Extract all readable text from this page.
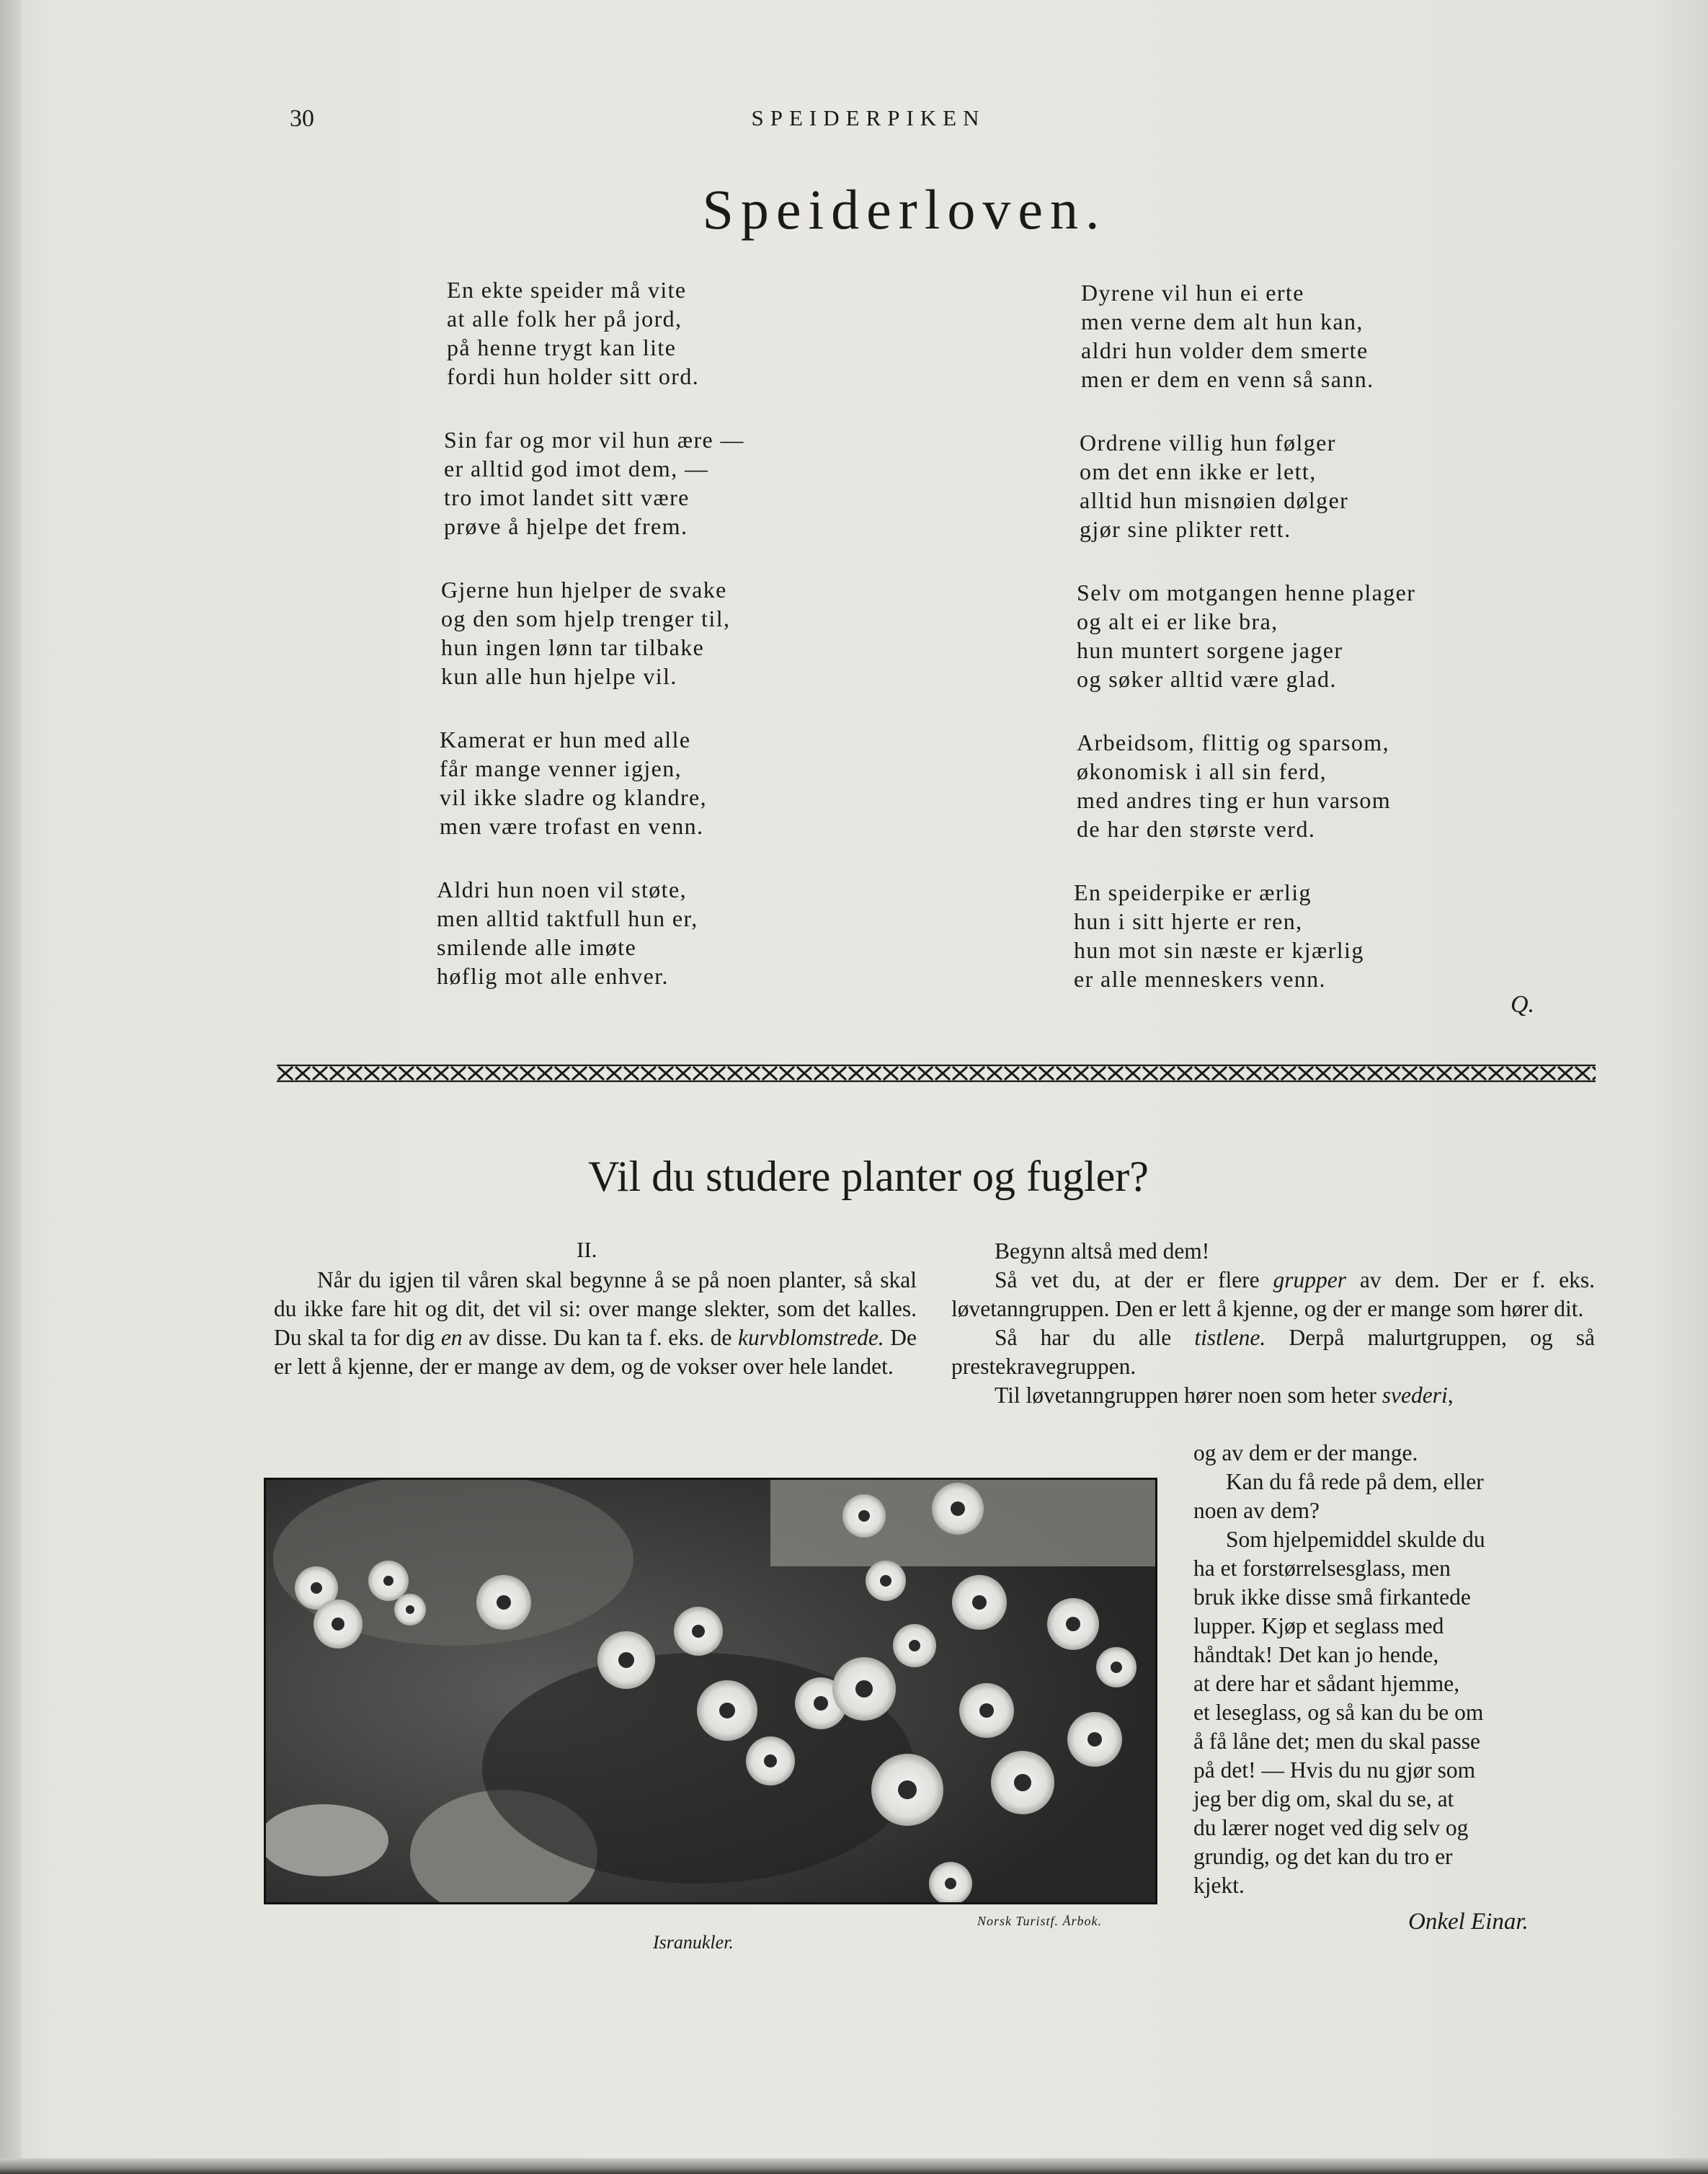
30	SPEIDERPIKEN
Speiderloven.
En ekte speider må vite
at alle folk her på jord,
på henne trygt kan lite
fordi hun holder sitt ord.
Sin far og mor vil hun ære —
er alltid god imot dem, —
tro imot landet sitt være
prøve å hjelpe det frem.
Gjerne hun hjelper de svake
og den som hjelp trenger til,
hun ingen lønn tar tilbake
kun alle hun hjelpe vil.
Kamerat er hun med alle
får mange venner igjen,
vil ikke sladre og klandre,
men være trofast en venn.
Aldri hun noen vil støte,
men alltid taktfull hun er,
smilende alle imøte
høflig mot alle enhver.
Dyrene vil hun ei erte
men verne dem alt hun kan,
aldri hun volder dem smerte
men er dem en venn så sann.
Ordrene villig hun følger
om det enn ikke er lett,
alltid hun misnøien dølger
gjør sine plikter rett.
Selv om motgangen henne plager
og alt ei er like bra,
hun muntert sorgene jager
og søker alltid være glad.
Arbeidsom, flittig og sparsom,
økonomisk i all sin ferd,
med andres ting er hun varsom
de har den største verd.
En speiderpike er ærlig
hun i sitt hjerte er ren,
hun mot sin næste er kjærlig
er alle menneskers venn.
Q.
Vil du studere planter og fugler?
II.
Når du igjen til våren skal begynne å se på noen planter, så skal du ikke fare hit og dit, det vil si: over mange slekter, som det kalles. Du skal ta for dig en av disse. Du kan ta f. eks. de kurvblomstrede. De er lett å kjenne, der er mange av dem, og de vokser over hele landet.
Begynn altså med dem!
Så vet du, at der er flere grupper av dem. Der er f. eks. løvetanngruppen. Den er lett å kjenne, og der er mange som hører dit.
Så har du alle tistlene. Derpå malurtgruppen, og så prestekravegruppen.
Til løvetanngruppen hører noen som heter svederi,
og av dem er der mange.
Kan du få rede på dem, eller
noen av dem?
Som hjelpemiddel skulde du
ha et forstørrelsesglass, men
bruk ikke disse små firkantede
lupper. Kjøp et seglass med
håndtak! Det kan jo hende,
at dere har et sådant hjemme,
et leseglass, og så kan du be om
å få låne det; men du skal passe
på det! — Hvis du nu gjør som
jeg ber dig om, skal du se, at
du lærer noget ved dig selv og
grundig, og det kan du tro er
kjekt.
Norsk Turistf. Årbok.
Isranukler.
Onkel Einar.
